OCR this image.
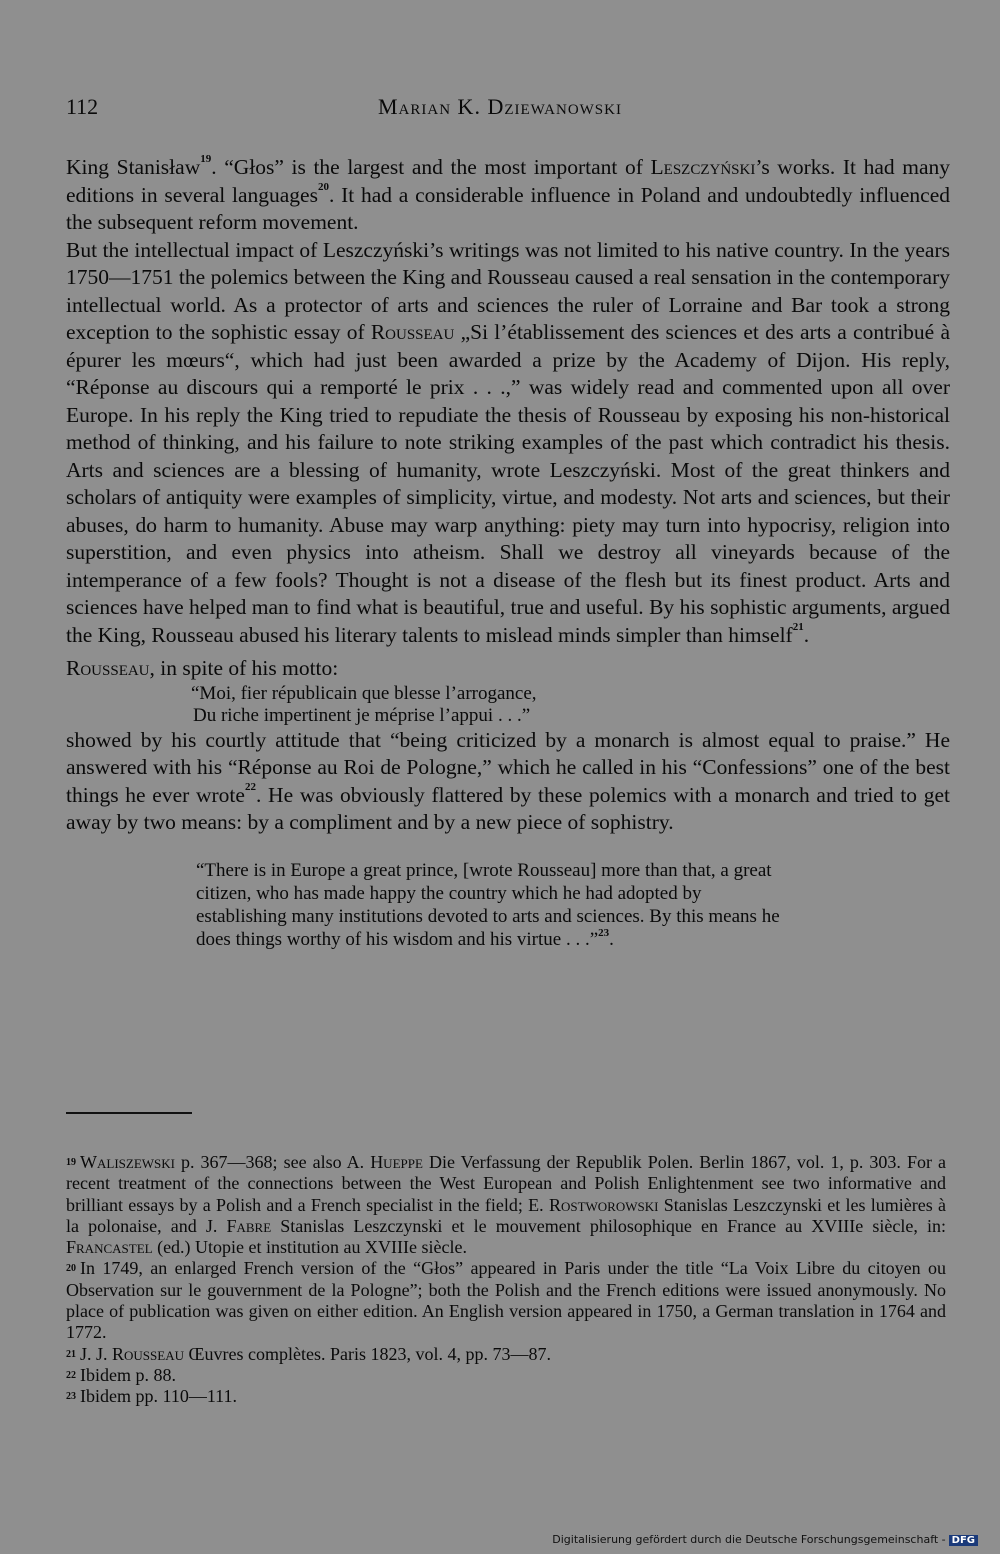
112	Marian K. Dziewanowski

King Stanisław$^{19}$. “Głos” is the largest and the most important of Leszczyński’s works. It had many editions in several languages$^{20}$. It had a considerable influence in Poland and undoubtedly influenced the subsequent reform movement.

But the intellectual impact of Leszczyński’s writings was not limited to his native country. In the years 1750—1751 the polemics between the King and Rousseau caused a real sensation in the contemporary intellectual world. As a protector of arts and sciences the ruler of Lorraine and Bar took a strong exception to the sophistic essay of Rousseau „Si l’établissement des sciences et des arts a contribué à épurer les mœurs“, which had just been awarded a prize by the Academy of Dijon. His reply, “Réponse au discours qui a remporté le prix . . .,” was widely read and commented upon all over Europe. In his reply the King tried to repudiate the thesis of Rousseau by exposing his non-historical method of thinking, and his failure to note striking examples of the past which contradict his thesis. Arts and sciences are a blessing of humanity, wrote Leszczyński. Most of the great thinkers and scholars of antiquity were examples of simplicity, virtue, and modesty. Not arts and sciences, but their abuses, do harm to humanity. Abuse may warp anything: piety may turn into hypocrisy, religion into superstition, and even physics into atheism. Shall we destroy all vineyards because of the intemperance of a few fools? Thought is not a disease of the flesh but its finest product. Arts and sciences have helped man to find what is beautiful, true and useful. By his sophistic arguments, argued the King, Rousseau abused his literary talents to mislead minds simpler than himself$^{21}$.

Rousseau, in spite of his motto:

“Moi, fier républicain que blesse l’arrogance,
Du riche impertinent je méprise l’appui . . .”

showed by his courtly attitude that “being criticized by a monarch is almost equal to praise.” He answered with his “Réponse au Roi de Pologne,” which he called in his “Confessions” one of the best things he ever wrote$^{22}$. He was obviously flattered by these polemics with a monarch and tried to get away by two means: by a compliment and by a new piece of sophistry.

“There is in Europe a great prince, [wrote Rousseau] more than that, a great citizen, who has made happy the country which he had adopted by establishing many institutions devoted to arts and sciences. By this means he does things worthy of his wisdom and his virtue . . .”$^{23}$.

$^{19}$ Waliszewski p. 367—368; see also A. Hueppe Die Verfassung der Republik Polen. Berlin 1867, vol. 1, p. 303. For a recent treatment of the connections between the West European and Polish Enlightenment see two informative and brilliant essays by a Polish and a French specialist in the field; E. Rostworowski Stanislas Leszczynski et les lumières à la polonaise, and J. Fabre Stanislas Leszczynski et le mouvement philosophique en France au XVIIIe siècle, in: Francastel (ed.) Utopie et institution au XVIIIe siècle.

$^{20}$ In 1749, an enlarged French version of the “Głos” appeared in Paris under the title “La Voix Libre du citoyen ou Observation sur le gouvernment de la Pologne”; both the Polish and the French editions were issued anonymously. No place of publication was given on either edition. An English version appeared in 1750, a German translation in 1764 and 1772.

$^{21}$ J. J. Rousseau Œuvres complètes. Paris 1823, vol. 4, pp. 73—87.

$^{22}$ Ibidem p. 88.

$^{23}$ Ibidem pp. 110—111.

Digitalisierung gefördert durch die Deutsche Forschungsgemeinschaft - DFG
